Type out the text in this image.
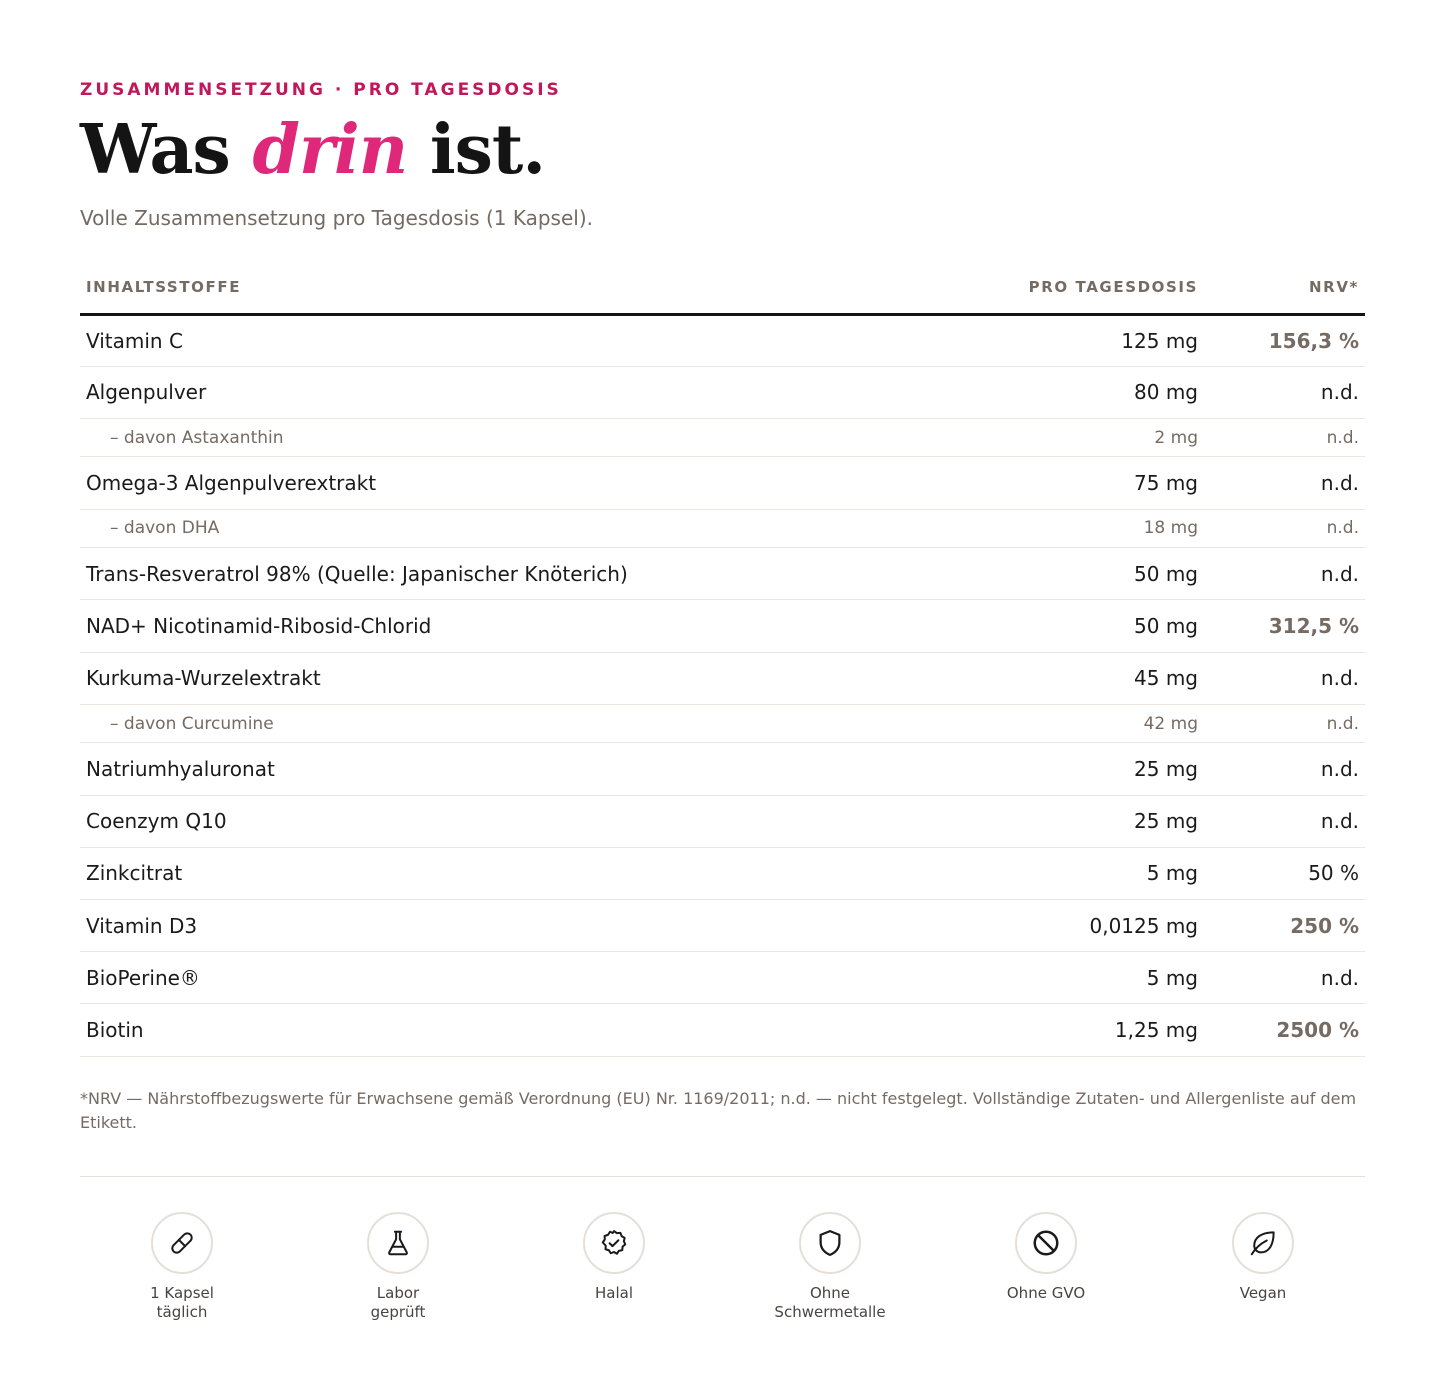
ZUSAMMENSETZUNG · PRO TAGESDOSIS
Was drin ist.
Volle Zusammensetzung pro Tagesdosis (1 Kapsel).
INHALTSSTOFFE	PRO TAGESDOSIS	NRV*
Vitamin C	125 mg	156,3 %
Algenpulver	80 mg	n.d.
– davon Astaxanthin	2 mg	n.d.
Omega-3 Algenpulverextrakt	75 mg	n.d.
– davon DHA	18 mg	n.d.
Trans-Resveratrol 98% (Quelle: Japanischer Knöterich)	50 mg	n.d.
NAD+ Nicotinamid-Ribosid-Chlorid	50 mg	312,5 %
Kurkuma-Wurzelextrakt	45 mg	n.d.
– davon Curcumine	42 mg	n.d.
Natriumhyaluronat	25 mg	n.d.
Coenzym Q10	25 mg	n.d.
Zinkcitrat	5 mg	50 %
Vitamin D3	0,0125 mg	250 %
BioPerine®	5 mg	n.d.
Biotin	1,25 mg	2500 %

*NRV — Nährstoffbezugswerte für Erwachsene gemäß Verordnung (EU) Nr. 1169/2011; n.d. — nicht festgelegt. Vollständige Zutaten- und Allergenliste auf dem Etikett.

1 Kapsel
täglich
Labor
geprüft
Halal	Ohne
Schwermetalle
Ohne GVO	Vegan
